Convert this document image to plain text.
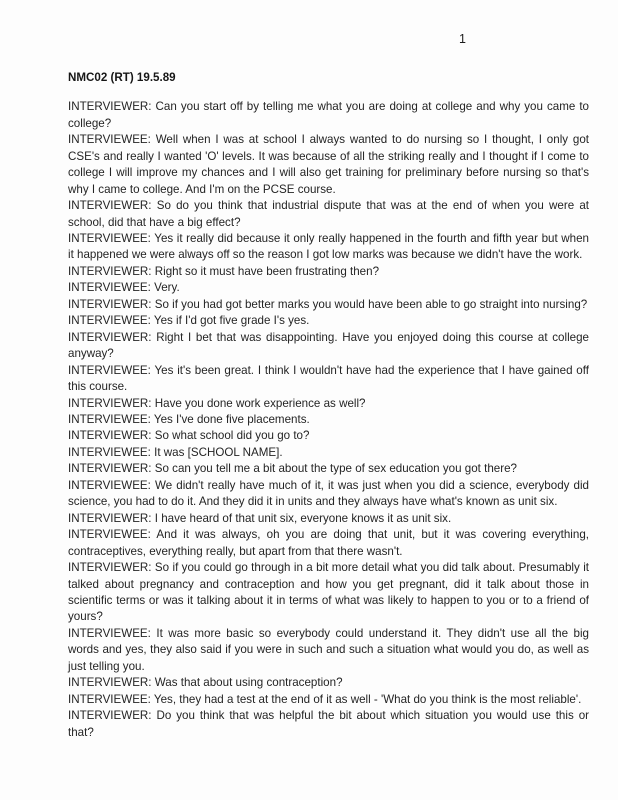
1
NMC02 (RT) 19.5.89

INTERVIEWER: Can you start off by telling me what you are doing at college and why you came to college?

INTERVIEWEE: Well when I was at school I always wanted to do nursing so I thought, I only got CSE's and really I wanted 'O' levels. It was because of all the striking really and I thought if I come to college I will improve my chances and I will also get training for preliminary before nursing so that's why I came to college. And I'm on the PCSE course.

INTERVIEWER: So do you think that industrial dispute that was at the end of when you were at school, did that have a big effect?

INTERVIEWEE: Yes it really did because it only really happened in the fourth and fifth year but when it happened we were always off so the reason I got low marks was because we didn't have the work.

INTERVIEWER: Right so it must have been frustrating then?

INTERVIEWEE: Very.

INTERVIEWER: So if you had got better marks you would have been able to go straight into nursing?

INTERVIEWEE: Yes if I'd got five grade I's yes.

INTERVIEWER: Right I bet that was disappointing. Have you enjoyed doing this course at college anyway?

INTERVIEWEE: Yes it's been great. I think I wouldn't have had the experience that I have gained off this course.

INTERVIEWER: Have you done work experience as well?

INTERVIEWEE: Yes I've done five placements.

INTERVIEWER: So what school did you go to?

INTERVIEWEE: It was [SCHOOL NAME].

INTERVIEWER: So can you tell me a bit about the type of sex education you got there?

INTERVIEWEE: We didn't really have much of it, it was just when you did a science, everybody did science, you had to do it. And they did it in units and they always have what's known as unit six.

INTERVIEWER: I have heard of that unit six, everyone knows it as unit six.

INTERVIEWEE: And it was always, oh you are doing that unit, but it was covering everything, contraceptives, everything really, but apart from that there wasn't.

INTERVIEWER: So if you could go through in a bit more detail what you did talk about. Presumably it talked about pregnancy and contraception and how you get pregnant, did it talk about those in scientific terms or was it talking about it in terms of what was likely to happen to you or to a friend of yours?

INTERVIEWEE: It was more basic so everybody could understand it. They didn't use all the big words and yes, they also said if you were in such and such a situation what would you do, as well as just telling you.

INTERVIEWER: Was that about using contraception?

INTERVIEWEE: Yes, they had a test at the end of it as well - 'What do you think is the most reliable'.

INTERVIEWER: Do you think that was helpful the bit about which situation you would use this or that?
